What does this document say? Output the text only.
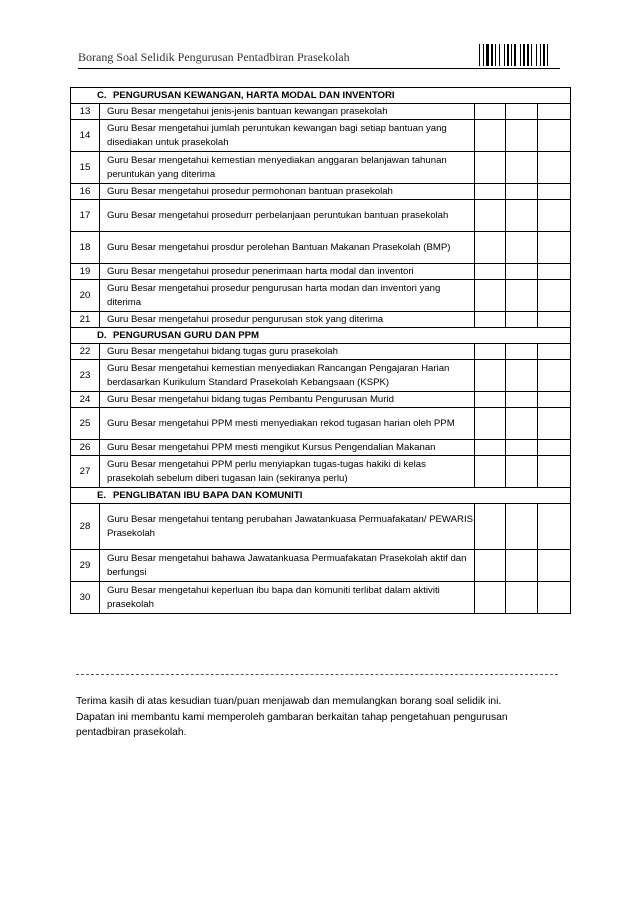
Borang Soal Selidik Pengurusan Pentadbiran Prasekolah
C. PENGURUSAN KEWANGAN, HARTA MODAL DAN INVENTORI				
13	Guru Besar mengetahui jenis-jenis bantuan kewangan prasekolah			
14	Guru Besar mengetahui jumlah peruntukan kewangan bagi setiap bantuan yang disediakan untuk prasekolah			
15	Guru Besar mengetahui kemestian menyediakan anggaran belanjawan tahunan peruntukan yang diterima			
16	Guru Besar mengetahui prosedur permohonan bantuan prasekolah			
17	Guru Besar mengetahui prosedurr perbelanjaan peruntukan bantuan prasekolah			
18	Guru Besar mengetahui prosdur perolehan Bantuan Makanan Prasekolah (BMP)			
19	Guru Besar mengetahui prosedur penerimaan harta modal dan inventori			
20	Guru Besar mengetahui prosedur pengurusan harta modan dan inventori yang diterima			
21	Guru Besar mengetahui prosedur pengurusan stok yang diterima			
D. PENGURUSAN GURU DAN PPM				
22	Guru Besar mengetahui bidang tugas guru prasekolah			
23	Guru Besar mengetahui kemestian menyediakan Rancangan Pengajaran Harian berdasarkan Kurikulum Standard Prasekolah Kebangsaan (KSPK)			
24	Guru Besar mengetahui bidang tugas Pembantu Pengurusan Murid			
25	Guru Besar mengetahui PPM mesti menyediakan rekod tugasan harian oleh PPM			
26	Guru Besar mengetahui PPM mesti mengikut Kursus Pengendalian Makanan			
27	Guru Besar mengetahui PPM perlu menyiapkan tugas-tugas hakiki di kelas prasekolah sebelum diberi tugasan lain (sekiranya perlu)			
E. PENGLIBATAN IBU BAPA DAN KOMUNITI				
28	Guru Besar mengetahui tentang perubahan Jawatankuasa Permuafakatan/ PEWARIS Prasekolah			
29	Guru Besar mengetahui bahawa Jawatankuasa Permuafakatan Prasekolah aktif dan berfungsi			
30	Guru Besar mengetahui keperluan ibu bapa dan komuniti terlibat dalam aktiviti prasekolah			
Terima kasih di atas kesudian tuan/puan menjawab dan memulangkan borang soal selidik ini.
Dapatan ini membantu kami memperoleh gambaran berkaitan tahap pengetahuan pengurusan pentadbiran prasekolah.
